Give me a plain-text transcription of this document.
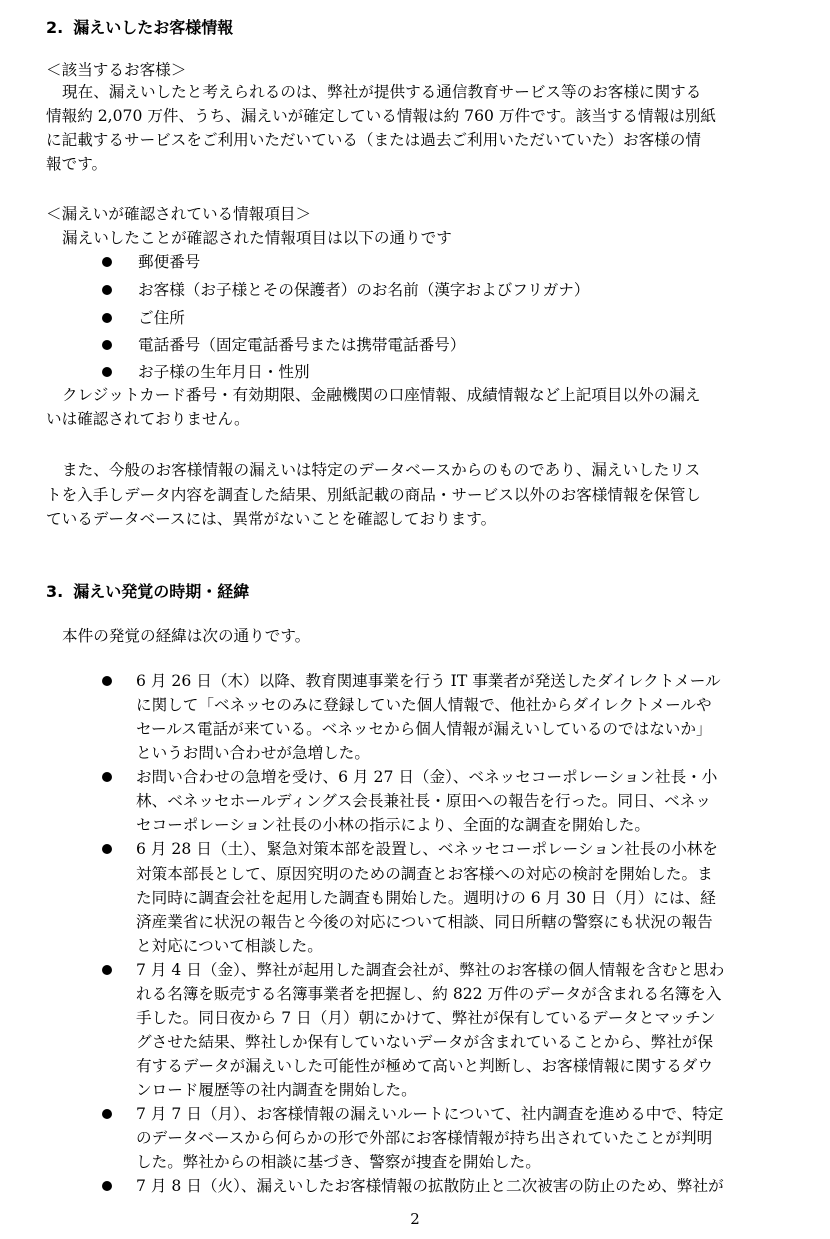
2. 漏えいしたお客様情報
＜該当するお客様＞
現在、漏えいしたと考えられるのは、弊社が提供する通信教育サービス等のお客様に関する
情報約 2,070 万件、うち、漏えいが確定している情報は約 760 万件です。該当する情報は別紙
に記載するサービスをご利用いただいている（または過去ご利用いただいていた）お客様の情
報です。
＜漏えいが確認されている情報項目＞
漏えいしたことが確認された情報項目は以下の通りです
郵便番号
お客様（お子様とその保護者）のお名前（漢字およびフリガナ）
ご住所
電話番号（固定電話番号または携帯電話番号）
お子様の生年月日・性別
クレジットカード番号・有効期限、金融機関の口座情報、成績情報など上記項目以外の漏え
いは確認されておりません。
また、今般のお客様情報の漏えいは特定のデータベースからのものであり、漏えいしたリス
トを入手しデータ内容を調査した結果、別紙記載の商品・サービス以外のお客様情報を保管し
ているデータベースには、異常がないことを確認しております。
3. 漏えい発覚の時期・経緯
本件の発覚の経緯は次の通りです。
6 月 26 日（木）以降、教育関連事業を行う IT 事業者が発送したダイレクトメール
に関して「ベネッセのみに登録していた個人情報で、他社からダイレクトメールや
セールス電話が来ている。ベネッセから個人情報が漏えいしているのではないか」
というお問い合わせが急増した。
お問い合わせの急増を受け、6 月 27 日（金）、ベネッセコーポレーション社長・小
林、ベネッセホールディングス会長兼社長・原田への報告を行った。同日、ベネッ
セコーポレーション社長の小林の指示により、全面的な調査を開始した。
6 月 28 日（土）、緊急対策本部を設置し、ベネッセコーポレーション社長の小林を
対策本部長として、原因究明のための調査とお客様への対応の検討を開始した。ま
た同時に調査会社を起用した調査も開始した。週明けの 6 月 30 日（月）には、経
済産業省に状況の報告と今後の対応について相談、同日所轄の警察にも状況の報告
と対応について相談した。
7 月 4 日（金）、弊社が起用した調査会社が、弊社のお客様の個人情報を含むと思わ
れる名簿を販売する名簿事業者を把握し、約 822 万件のデータが含まれる名簿を入
手した。同日夜から 7 日（月）朝にかけて、弊社が保有しているデータとマッチン
グさせた結果、弊社しか保有していないデータが含まれていることから、弊社が保
有するデータが漏えいした可能性が極めて高いと判断し、お客様情報に関するダウ
ンロード履歴等の社内調査を開始した。
7 月 7 日（月）、お客様情報の漏えいルートについて、社内調査を進める中で、特定
のデータベースから何らかの形で外部にお客様情報が持ち出されていたことが判明
した。弊社からの相談に基づき、警察が捜査を開始した。
7 月 8 日（火）、漏えいしたお客様情報の拡散防止と二次被害の防止のため、弊社が
2
